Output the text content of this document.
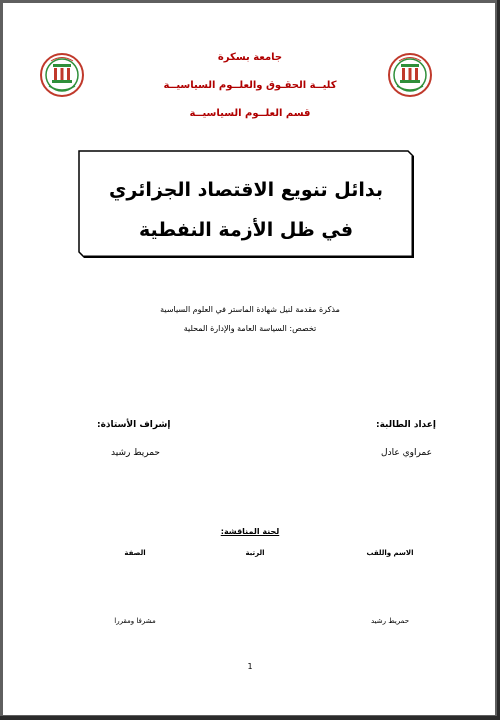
جامعة بسكرة
كليــة الحقـوق والعلــوم السياسيــة
قسم العلــوم السياسيــة
بدائل تنويع الاقتصاد الجزائري في ظل الأزمة النفطية
مذكرة مقدمة لنيل شهادة الماستر في العلوم السياسية
تخصص: السياسة العامة والإدارة المحلية
إعداد الطالبة:
عمراوي عادل
إشراف الأستاذة:
حمريط رشيد
لجنة المناقشة:
الاسم واللقب
الرتبة
الصفة
حمريط رشيد
مشرفا ومقررا
1
